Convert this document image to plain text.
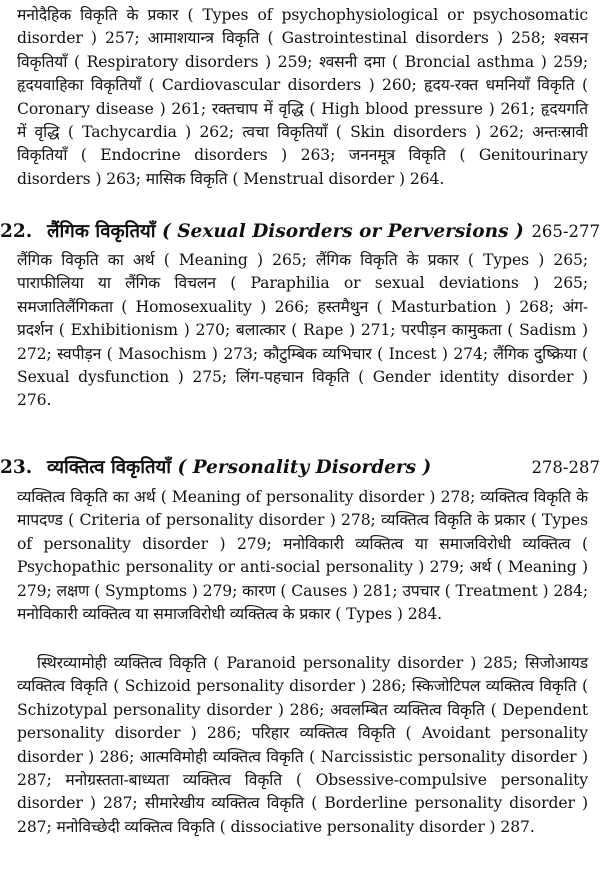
मनोदैहिक विकृति के प्रकार ( Types of psychophysiological or psychosomatic disorder ) 257; आमाशयान्त्र विकृति ( Gastrointestinal disorders ) 258; श्वसन विकृतियाँ ( Respiratory disorders ) 259; श्वसनी दमा ( Broncial asthma ) 259; हृदयवाहिका विकृतियाँ ( Cardiovascular disorders ) 260; हृदय-रक्त धमनियाँ विकृति ( Coronary disease ) 261; रक्तचाप में वृद्धि ( High blood pressure ) 261; हृदयगति में वृद्धि ( Tachycardia ) 262; त्वचा विकृतियाँ ( Skin disorders ) 262; अन्तःस्रावी विकृतियाँ ( Endocrine disorders ) 263; जननमूत्र विकृति ( Genitourinary disorders ) 263; मासिक विकृति ( Menstrual disorder ) 264.

22. लैंगिक विकृतियाँ ( Sexual Disorders or Perversions ) 265-277

लैंगिक विकृति का अर्थ ( Meaning ) 265; लैंगिक विकृति के प्रकार ( Types ) 265; पाराफीलिया या लैंगिक विचलन ( Paraphilia or sexual deviations ) 265; समजातिलैंगिकता ( Homosexuality ) 266; हस्तमैथुन ( Masturbation ) 268; अंग-प्रदर्शन ( Exhibitionism ) 270; बलात्कार ( Rape ) 271; परपीड़न कामुकता ( Sadism ) 272; स्वपीड़न ( Masochism ) 273; कौटुम्बिक व्यभिचार ( Incest ) 274; लैंगिक दुष्क्रिया ( Sexual dysfunction ) 275; लिंग-पहचान विकृति ( Gender identity disorder ) 276.

23. व्यक्तित्व विकृतियाँ ( Personality Disorders )	278-287

व्यक्तित्व विकृति का अर्थ ( Meaning of personality disorder ) 278; व्यक्तित्व विकृति के मापदण्ड ( Criteria of personality disorder ) 278; व्यक्तित्व विकृति के प्रकार ( Types of personality disorder ) 279; मनोविकारी व्यक्तित्व या समाजविरोधी व्यक्तित्व ( Psychopathic personality or anti-social personality ) 279; अर्थ ( Meaning ) 279; लक्षण ( Symptoms ) 279; कारण ( Causes ) 281; उपचार ( Treatment ) 284; मनोविकारी व्यक्तित्व या समाजविरोधी व्यक्तित्व के प्रकार ( Types ) 284.

स्थिरव्यामोही व्यक्तित्व विकृति ( Paranoid personality disorder ) 285; सिजोआयड व्यक्तित्व विकृति ( Schizoid personality disorder ) 286; स्किजोटिपल व्यक्तित्व विकृति ( Schizotypal personality disorder ) 286; अवलम्बित व्यक्तित्व विकृति ( Dependent personality disorder ) 286; परिहार व्यक्तित्व विकृति ( Avoidant personality disorder ) 286; आत्मविमोही व्यक्तित्व विकृति ( Narcissistic personality disorder ) 287; मनोग्रस्तता-बाध्यता व्यक्तित्व विकृति ( Obsessive-compulsive personality disorder ) 287; सीमारेखीय व्यक्तित्व विकृति ( Borderline personality disorder ) 287; मनोविच्छेदी व्यक्तित्व विकृति ( dissociative personality disorder ) 287.
